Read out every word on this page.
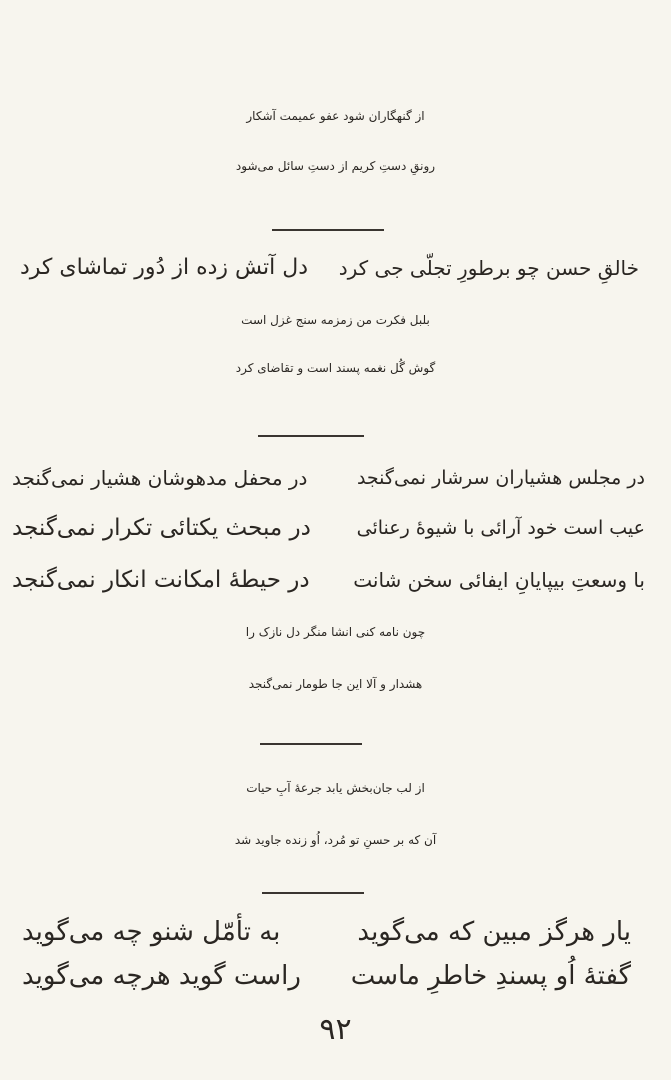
از گنهگاران شود عفو عمیمت آشکار
رونقِ دستِ کریم از دستِ سائل می‌شود
خالقِ حسن چو برطورِ تجلّی جی کرد
دل آتش زده از دُور تماشای کرد
بلبل فکرت من زمزمه سنج غزل است
گوش گُل نغمه پسند است و تقاضای کرد
در مجلس هشیاران سرشار نمی‌گنجد
در محفل مدهوشان هشیار نمی‌گنجد
عیب است خود آرائی با شیوهٔ رعنائی
در مبحث یکتائی تکرار نمی‌گنجد
با وسعتِ بیپایانِ ایفائی سخن شانت
در حیطهٔ امکانت انکار نمی‌گنجد
چون نامه کنی انشا منگر دل نازک را
هشدار و آلا این جا طومار نمی‌گنجد
از لب جان‌بخش یابد جرعهٔ آبِ حیات
آن که بر حسنِ تو مُرد، اُو زنده جاوید شد
یار هرگز مبین که می‌گوید
به تأمّل شنو چه می‌گوید
گفتهٔ اُو پسندِ خاطرِ ماست
راست گوید هرچه می‌گوید
۹۲
